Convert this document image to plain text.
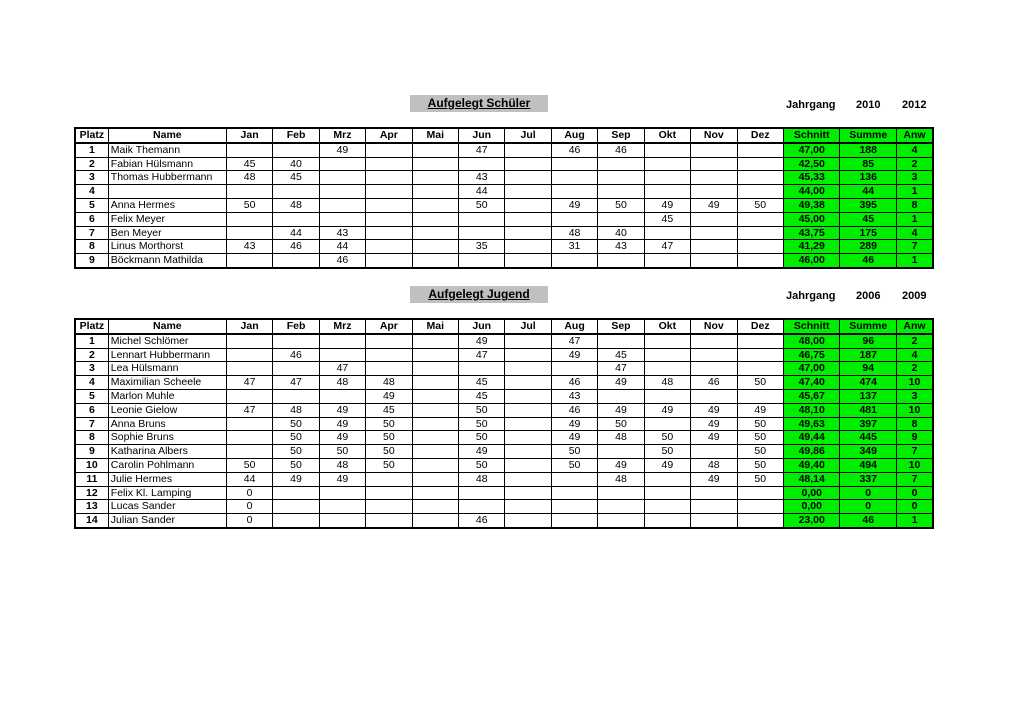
Aufgelegt Schüler	Jahrgang 2010 2012
Platz	Name	Jan	Feb	Mrz	Apr	Mai	Jun	Jul	Aug	Sep	Okt	Nov	Dez	Schnitt	Summe	Anw
1	Maik Themann			49			47		46	46				47,00	188	4
2	Fabian Hülsmann	45	40											42,50	85	2
3	Thomas Hubbermann	48	45				43							45,33	136	3
4							44							44,00	44	1
5	Anna Hermes	50	48				50		49	50	49	49	50	49,38	395	8
6	Felix Meyer										45			45,00	45	1
7	Ben Meyer		44	43					48	40				43,75	175	4
8	Linus Morthorst	43	46	44			35		31	43	47			41,29	289	7
9	Böckmann Mathilda			46										46,00	46	1
Aufgelegt Jugend	Jahrgang 2006 2009
Platz	Name	Jan	Feb	Mrz	Apr	Mai	Jun	Jul	Aug	Sep	Okt	Nov	Dez	Schnitt	Summe	Anw
1	Michel Schlömer						49		47					48,00	96	2
2	Lennart Hubbermann		46				47		49	45				46,75	187	4
3	Lea Hülsmann			47						47				47,00	94	2
4	Maximilian Scheele	47	47	48	48		45		46	49	48	46	50	47,40	474	10
5	Marlon Muhle				49		45		43					45,67	137	3
6	Leonie Gielow	47	48	49	45		50		46	49	49	49	49	48,10	481	10
7	Anna Bruns		50	49	50		50		49	50		49	50	49,63	397	8
8	Sophie Bruns		50	49	50		50		49	48	50	49	50	49,44	445	9
9	Katharina Albers		50	50	50		49		50		50		50	49,86	349	7
10	Carolin Pohlmann	50	50	48	50		50		50	49	49	48	50	49,40	494	10
11	Julie Hermes	44	49	49			48			48		49	50	48,14	337	7
12	Felix Kl. Lamping	0												0,00	0	0
13	Lucas Sander	0												0,00	0	0
14	Julian Sander	0					46							23,00	46	1
